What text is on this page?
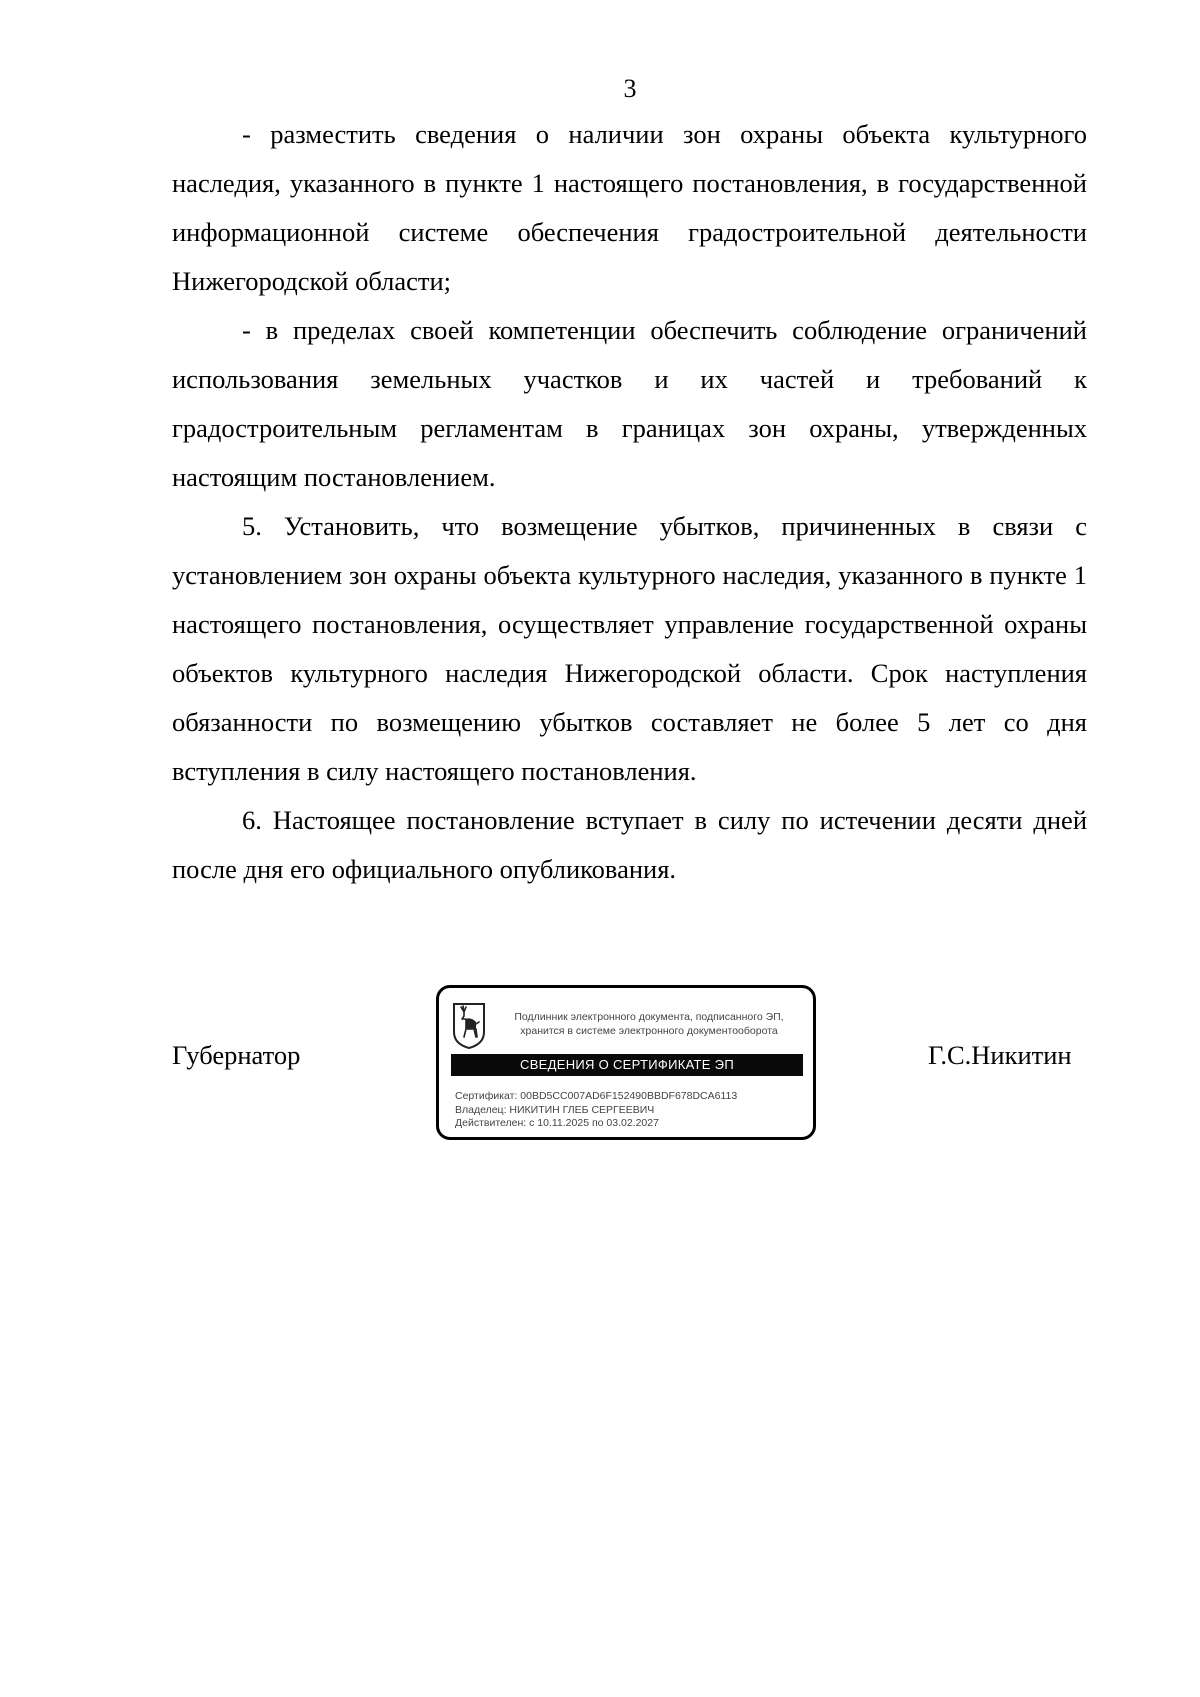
3

- разместить сведения о наличии зон охраны объекта культурного наследия, указанного в пункте 1 настоящего постановления, в государственной информационной системе обеспечения градостроительной деятельности Нижегородской области;

- в пределах своей компетенции обеспечить соблюдение ограничений использования земельных участков и их частей и требований к градостроительным регламентам в границах зон охраны, утвержденных настоящим постановлением.

5. Установить, что возмещение убытков, причиненных в связи с установлением зон охраны объекта культурного наследия, указанного в пункте 1 настоящего постановления, осуществляет управление государственной охраны объектов культурного наследия Нижегородской области. Срок наступления обязанности по возмещению убытков составляет не более 5 лет со дня вступления в силу настоящего постановления.

6. Настоящее постановление вступает в силу по истечении десяти дней после дня его официального опубликования.

Губернатор
Подлинник электронного документа, подписанного ЭП,
хранится в системе электронного документооборота
СВЕДЕНИЯ О СЕРТИФИКАТЕ ЭП
Сертификат: 00BD5CC007AD6F152490BBDF678DCA6113
Владелец: НИКИТИН ГЛЕБ СЕРГЕЕВИЧ
Действителен: с 10.11.2025 по 03.02.2027
Г.С.Никитин
